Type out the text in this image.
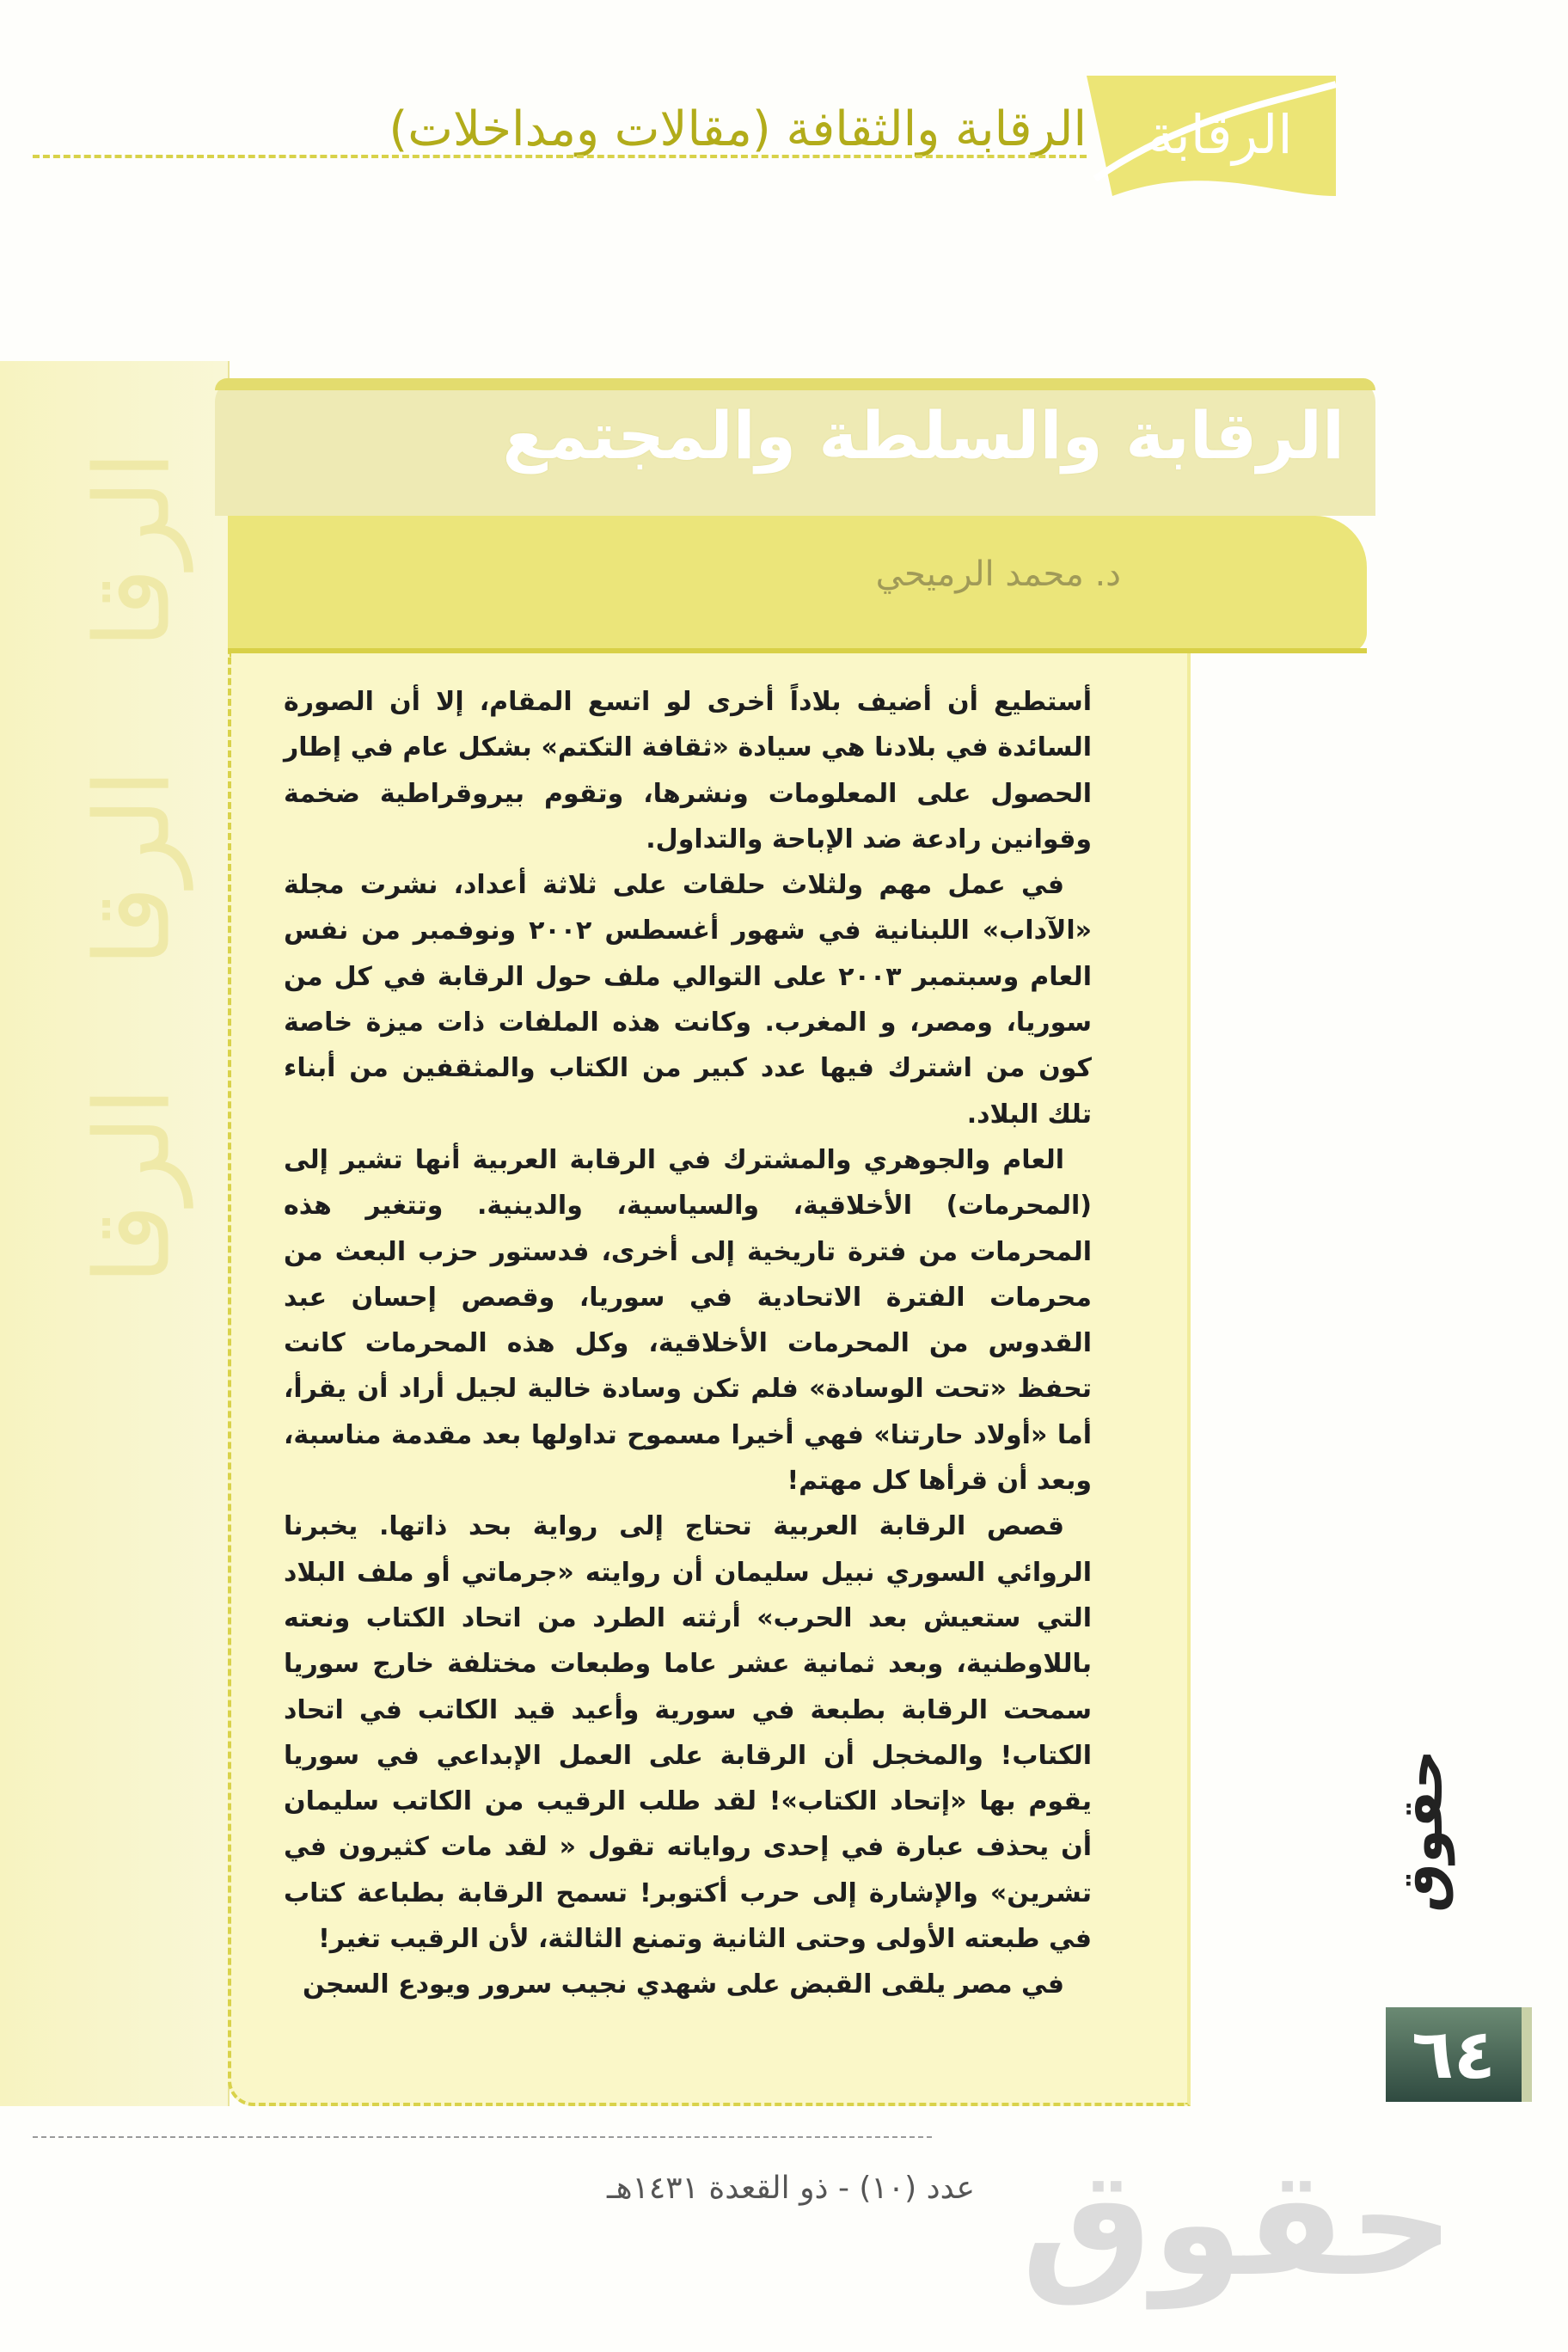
الرقابة
الرقابة والثقافة (مقالات ومداخلات)
الرقا
الرقا
الرقا
الرقابة والسلطة والمجتمع
د. محمد الرميحي

أستطيع أن أضيف بلاداً أخرى لو اتسع المقام، إلا أن الصورة السائدة في بلادنا هي سيادة «ثقافة التكتم» بشكل عام في إطار الحصول على المعلومات ونشرها، وتقوم بيروقراطية ضخمة وقوانين رادعة ضد الإباحة والتداول.

في عمل مهم ولثلاث حلقات على ثلاثة أعداد، نشرت مجلة «الآداب» اللبنانية في شهور أغسطس ٢٠٠٢ ونوفمبر من نفس العام وسبتمبر ٢٠٠٣ على التوالي ملف حول الرقابة في كل من سوريا، ومصر، و المغرب. وكانت هذه الملفات ذات ميزة خاصة كون من اشترك فيها عدد كبير من الكتاب والمثقفين من أبناء تلك البلاد.

العام والجوهري والمشترك في الرقابة العربية أنها تشير إلى (المحرمات) الأخلاقية، والسياسية، والدينية. وتتغير هذه المحرمات من فترة تاريخية إلى أخرى، فدستور حزب البعث من محرمات الفترة الاتحادية في سوريا، وقصص إحسان عبد القدوس من المحرمات الأخلاقية، وكل هذه المحرمات كانت تحفظ «تحت الوسادة» فلم تكن وسادة خالية لجيل أراد أن يقرأ، أما «أولاد حارتنا» فهي أخيرا مسموح تداولها بعد مقدمة مناسبة، وبعد أن قرأها كل مهتم!

قصص الرقابة العربية تحتاج إلى رواية بحد ذاتها. يخبرنا الروائي السوري نبيل سليمان أن روايته «جرماتي أو ملف البلاد التي ستعيش بعد الحرب» أرثته الطرد من اتحاد الكتاب ونعته باللاوطنية، وبعد ثمانية عشر عاما وطبعات مختلفة خارج سوريا سمحت الرقابة بطبعة في سورية وأعيد قيد الكاتب في اتحاد الكتاب! والمخجل أن الرقابة على العمل الإبداعي في سوريا يقوم بها «إتحاد الكتاب»! لقد طلب الرقيب من الكاتب سليمان أن يحذف عبارة في إحدى رواياته تقول « لقد مات كثيرون في تشرين» والإشارة إلى حرب أكتوبر! تسمح الرقابة بطباعة كتاب في طبعته الأولى وحتى الثانية وتمنع الثالثة، لأن الرقيب تغير!

في مصر يلقى القبض على شهدي نجيب سرور ويودع السجن

حقوق
٦٤
عدد (١٠) - ذو القعدة ١٤٣١هـ حقوق
